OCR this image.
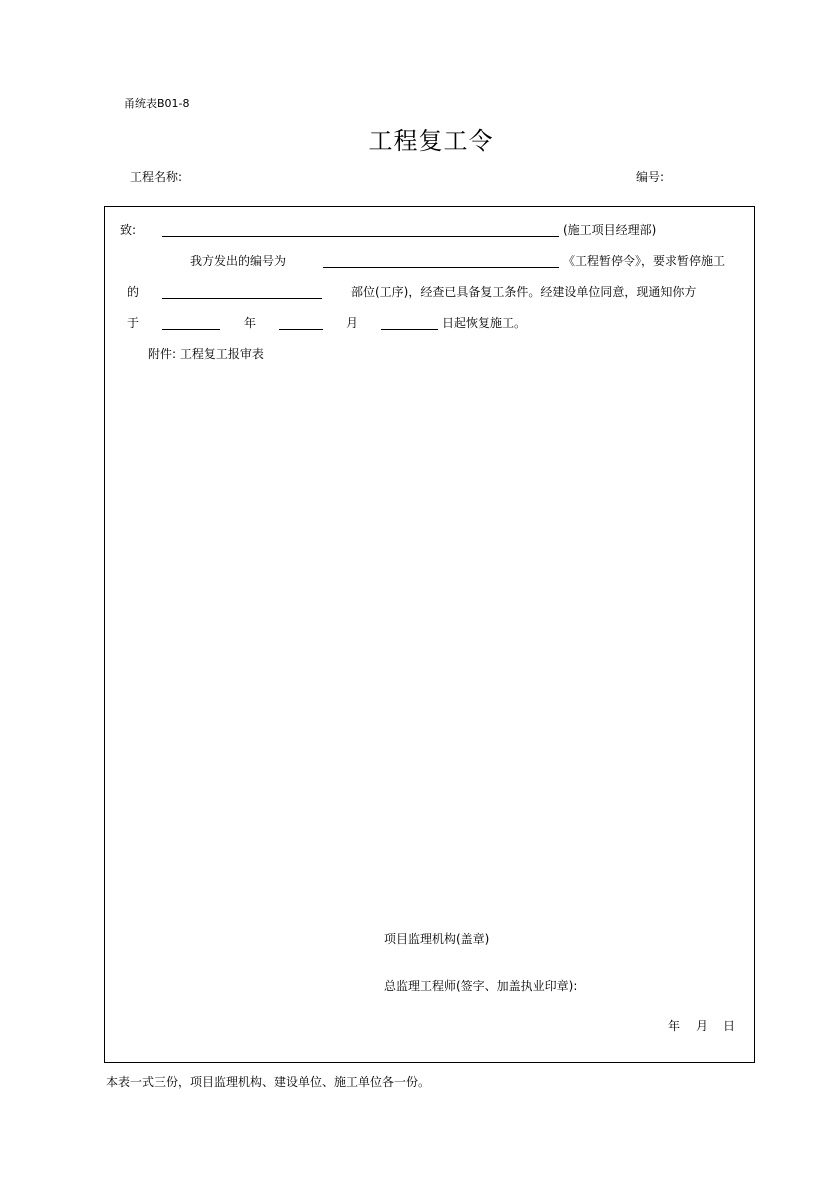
甬统表B01-8
工程复工令
工程名称:	编号:
致:	(施工项目经理部)
我方发出的编号为	《工程暂停令》，要求暂停施工
的	部位(工序)，经查已具备复工条件。经建设单位同意，现通知你方
于	年	月	日起恢复施工。
附件: 工程复工报审表
项目监理机构(盖章)
总监理工程师(签字、加盖执业印章):
年 月 日
本表一式三份，项目监理机构、建设单位、施工单位各一份。
